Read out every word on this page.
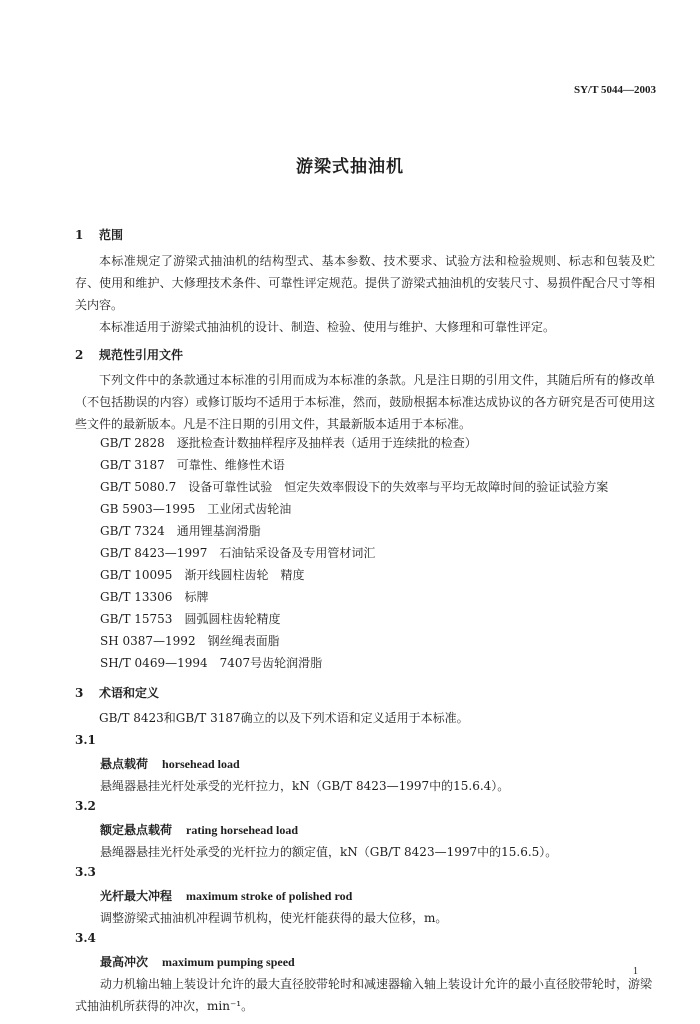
SY/T 5044—2003
游梁式抽油机
1 范围
本标准规定了游梁式抽油机的结构型式、基本参数、技术要求、试验方法和检验规则、标志和包装及贮存、使用和维护、大修理技术条件、可靠性评定规范。提供了游梁式抽油机的安装尺寸、易损件配合尺寸等相关内容。
本标准适用于游梁式抽油机的设计、制造、检验、使用与维护、大修理和可靠性评定。
2 规范性引用文件
下列文件中的条款通过本标准的引用而成为本标准的条款。凡是注日期的引用文件，其随后所有的修改单（不包括勘误的内容）或修订版均不适用于本标准，然而，鼓励根据本标准达成协议的各方研究是否可使用这些文件的最新版本。凡是不注日期的引用文件，其最新版本适用于本标准。
GB/T 2828　逐批检查计数抽样程序及抽样表（适用于连续批的检查）
GB/T 3187　可靠性、维修性术语
GB/T 5080.7　设备可靠性试验　恒定失效率假设下的失效率与平均无故障时间的验证试验方案
GB 5903—1995　工业闭式齿轮油
GB/T 7324　通用锂基润滑脂
GB/T 8423—1997　石油钻采设备及专用管材词汇
GB/T 10095　渐开线圆柱齿轮　精度
GB/T 13306　标牌
GB/T 15753　圆弧圆柱齿轮精度
SH 0387—1992　钢丝绳表面脂
SH/T 0469—1994　7407号齿轮润滑脂
3 术语和定义
GB/T 8423和GB/T 3187确立的以及下列术语和定义适用于本标准。
3.1
悬点载荷 horsehead load
悬绳器悬挂光杆处承受的光杆拉力，kN（GB/T 8423—1997中的15.6.4）。
3.2
额定悬点载荷 rating horsehead load
悬绳器悬挂光杆处承受的光杆拉力的额定值，kN（GB/T 8423—1997中的15.6.5）。
3.3
光杆最大冲程 maximum stroke of polished rod
调整游梁式抽油机冲程调节机构，使光杆能获得的最大位移，m。
3.4
最高冲次 maximum pumping speed
动力机输出轴上装设计允许的最大直径胶带轮时和减速器输入轴上装设计允许的最小直径胶带轮时，游梁式抽油机所获得的冲次，min⁻¹。
1
